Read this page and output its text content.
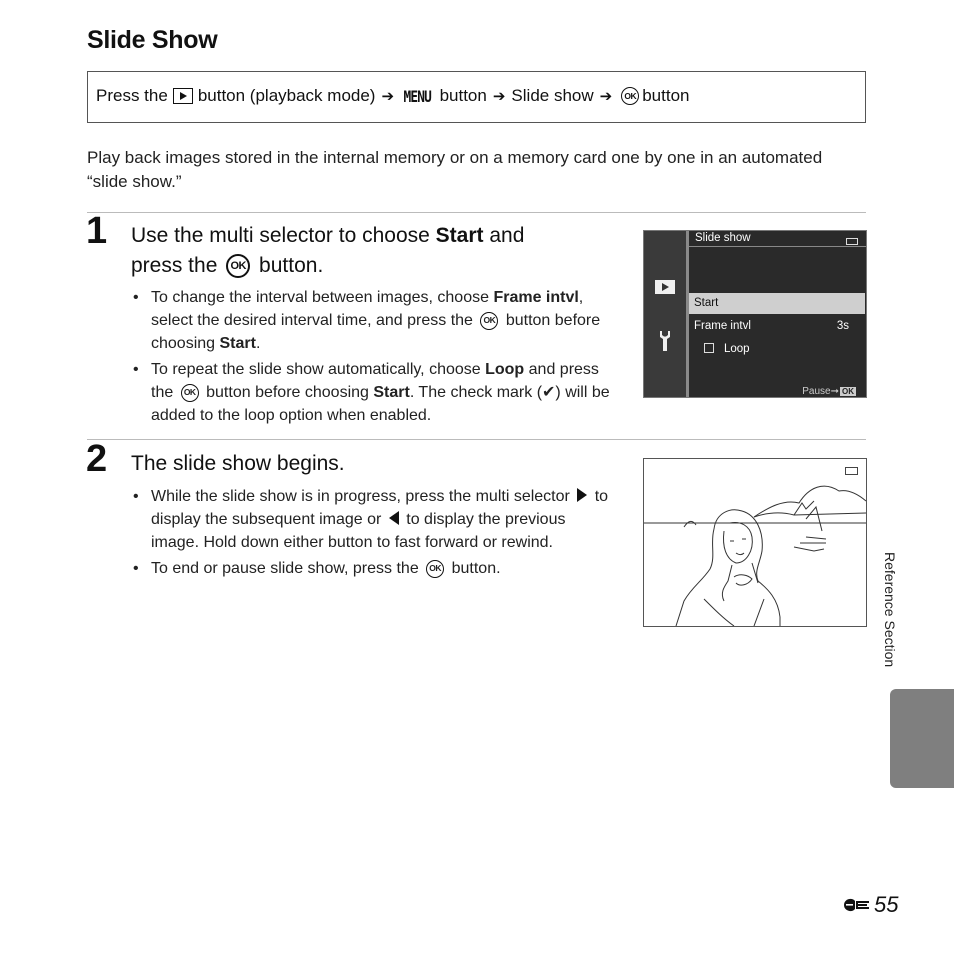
Slide Show
Press the button (playback mode) ➔ MENU button ➔ Slide show ➔	OK button
Play back images stored in the internal memory or on a memory card one by one in an automated “slide show.”
1 Use the multi selector to choose Start and
press the OK button.
• To change the interval between images, choose Frame intvl, select the desired interval time, and press the OK button before choosing Start.
• To repeat the slide show automatically, choose Loop and press the OK button before choosing Start. The check mark (✔) will be added to the loop option when enabled.
Slide show
Start
Frame intvl	3s
Loop
Pause➞ OK
2 The slide show begins.
• While the slide show is in progress, press the multi selector  to display the subsequent image or  to display the previous image. Hold down either button to fast forward or rewind.
• To end or pause slide show, press the OK button.	Reference Section
55
